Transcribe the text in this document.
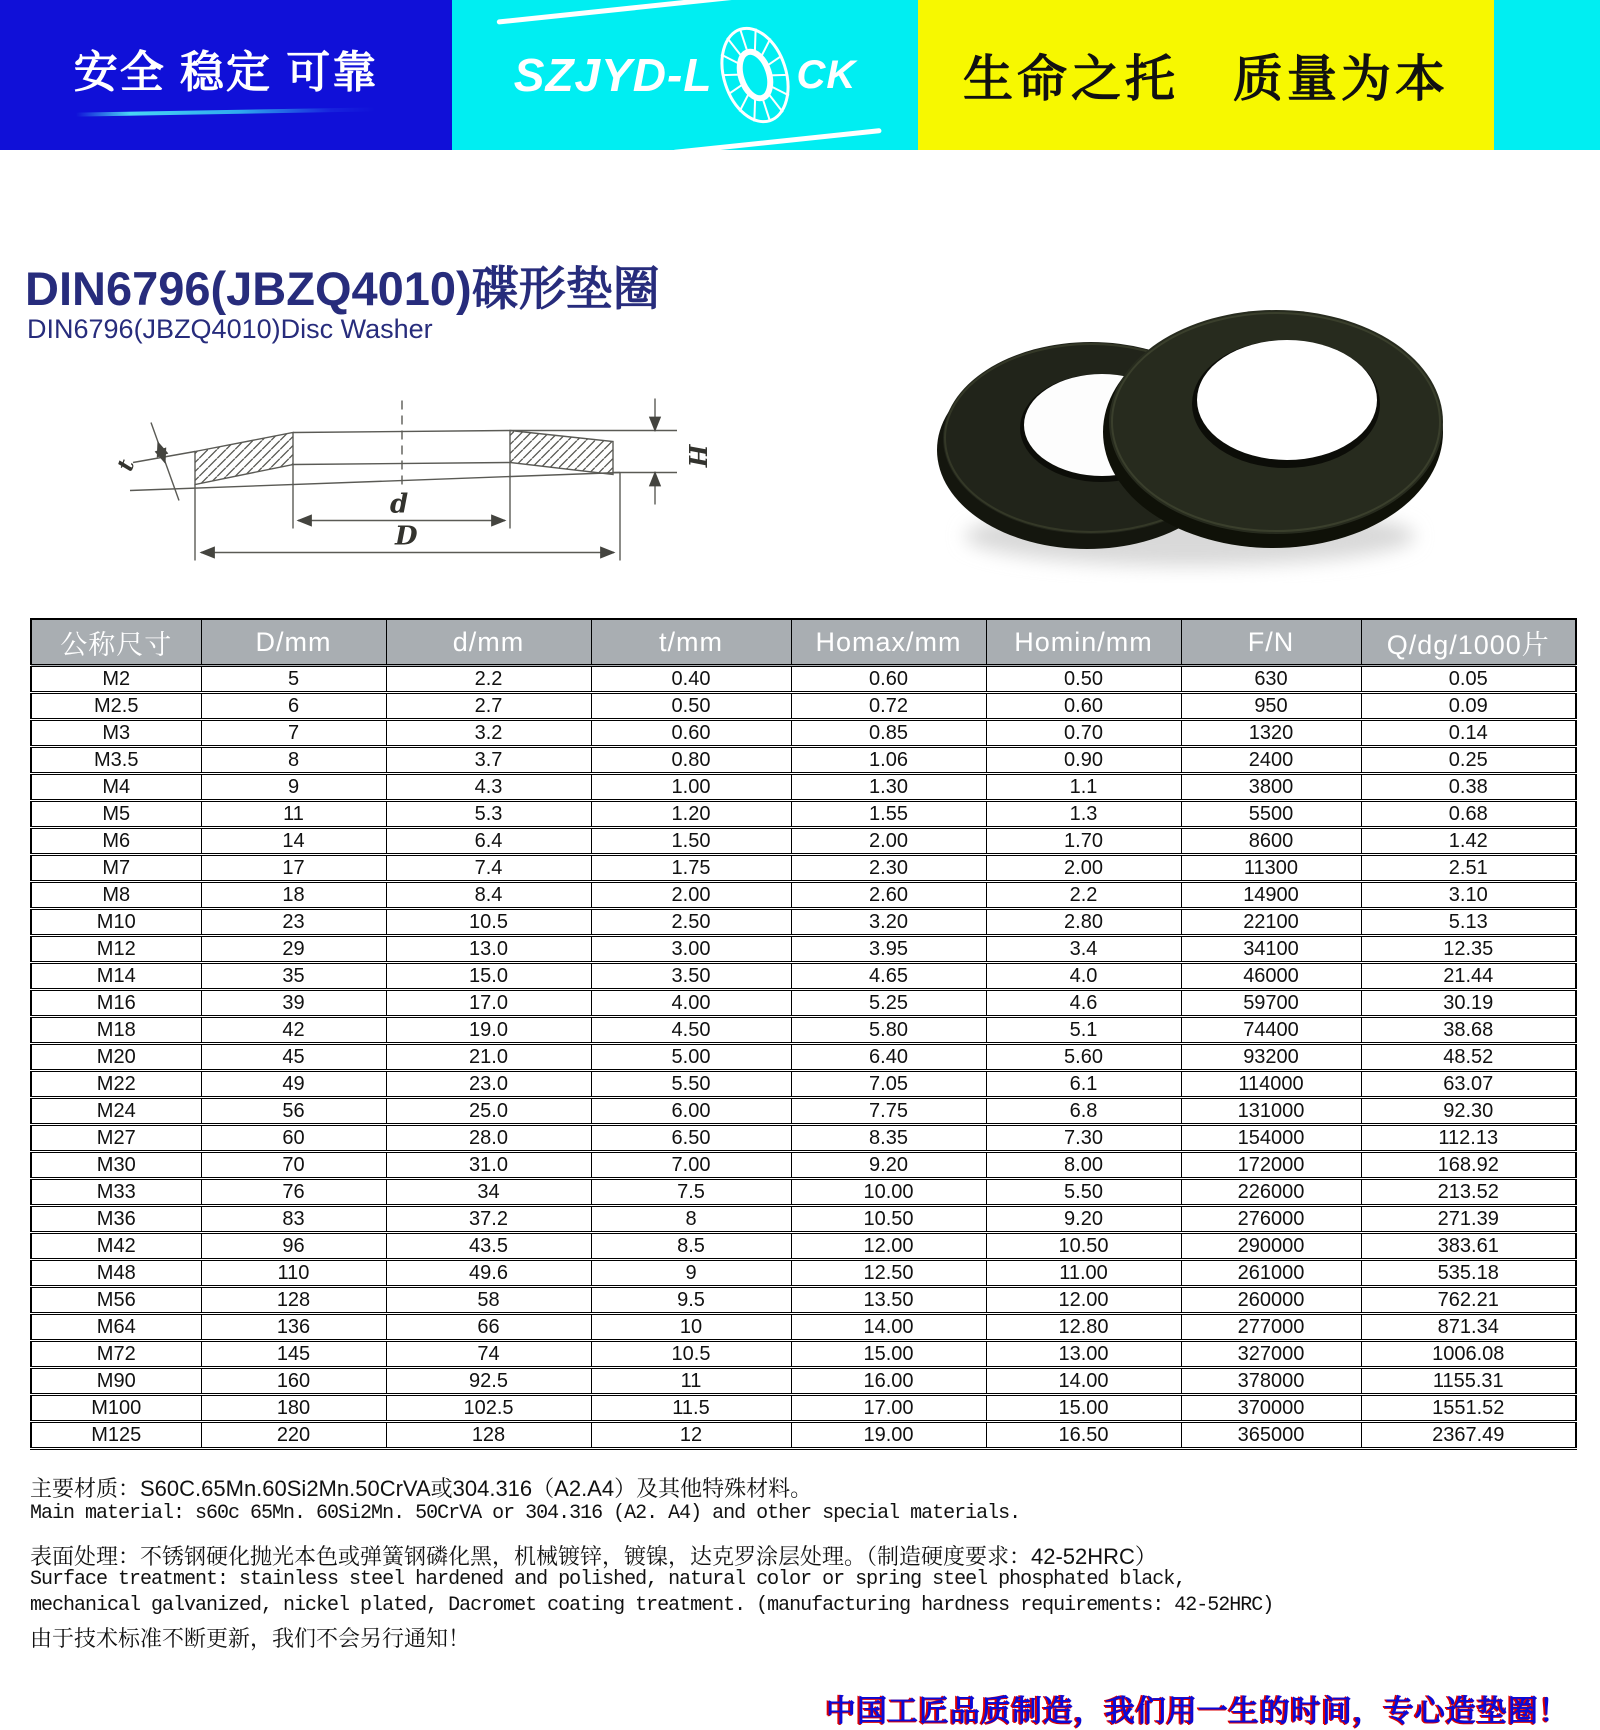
安全 稳定 可靠	SZJYD-L CK 生命之托　质量为本
DIN6796(JBZQ4010)碟形垫圈
DIN6796(JBZQ4010)Disc Washer
d
D
t	H
公称尺寸	D/mm	d/mm	t/mm	Homax/mm	Homin/mm	F/N	Q/dg/1000片
M2	5	2.2	0.40	0.60	0.50	630	0.05
M2.5	6	2.7	0.50	0.72	0.60	950	0.09
M3	7	3.2	0.60	0.85	0.70	1320	0.14
M3.5	8	3.7	0.80	1.06	0.90	2400	0.25
M4	9	4.3	1.00	1.30	1.1	3800	0.38
M5	11	5.3	1.20	1.55	1.3	5500	0.68
M6	14	6.4	1.50	2.00	1.70	8600	1.42
M7	17	7.4	1.75	2.30	2.00	11300	2.51
M8	18	8.4	2.00	2.60	2.2	14900	3.10
M10	23	10.5	2.50	3.20	2.80	22100	5.13
M12	29	13.0	3.00	3.95	3.4	34100	12.35
M14	35	15.0	3.50	4.65	4.0	46000	21.44
M16	39	17.0	4.00	5.25	4.6	59700	30.19
M18	42	19.0	4.50	5.80	5.1	74400	38.68
M20	45	21.0	5.00	6.40	5.60	93200	48.52
M22	49	23.0	5.50	7.05	6.1	114000	63.07
M24	56	25.0	6.00	7.75	6.8	131000	92.30
M27	60	28.0	6.50	8.35	7.30	154000	112.13
M30	70	31.0	7.00	9.20	8.00	172000	168.92
M33	76	34	7.5	10.00	5.50	226000	213.52
M36	83	37.2	8	10.50	9.20	276000	271.39
M42	96	43.5	8.5	12.00	10.50	290000	383.61
M48	110	49.6	9	12.50	11.00	261000	535.18
M56	128	58	9.5	13.50	12.00	260000	762.21
M64	136	66	10	14.00	12.80	277000	871.34
M72	145	74	10.5	15.00	13.00	327000	1006.08
M90	160	92.5	11	16.00	14.00	378000	1155.31
M100	180	102.5	11.5	17.00	15.00	370000	1551.52
M125	220	128	12	19.00	16.50	365000	2367.49
主要材质：S60C.65Mn.60Si2Mn.50CrVA或304.316（A2.A4）及其他特殊材料。
Main material: s60c 65Mn. 60Si2Mn. 50CrVA or 304.316 (A2. A4) and other special materials.
表面处理：不锈钢硬化抛光本色或弹簧钢磷化黑，机械镀锌，镀镍，达克罗涂层处理。（制造硬度要求：42-52HRC）
Surface treatment: stainless steel hardened and polished, natural color or spring steel phosphated black,
mechanical galvanized, nickel plated, Dacromet coating treatment. (manufacturing hardness requirements: 42-52HRC)
由于技术标准不断更新，我们不会另行通知！
中国工匠品质制造，我们用一生的时间，专心造垫圈！
